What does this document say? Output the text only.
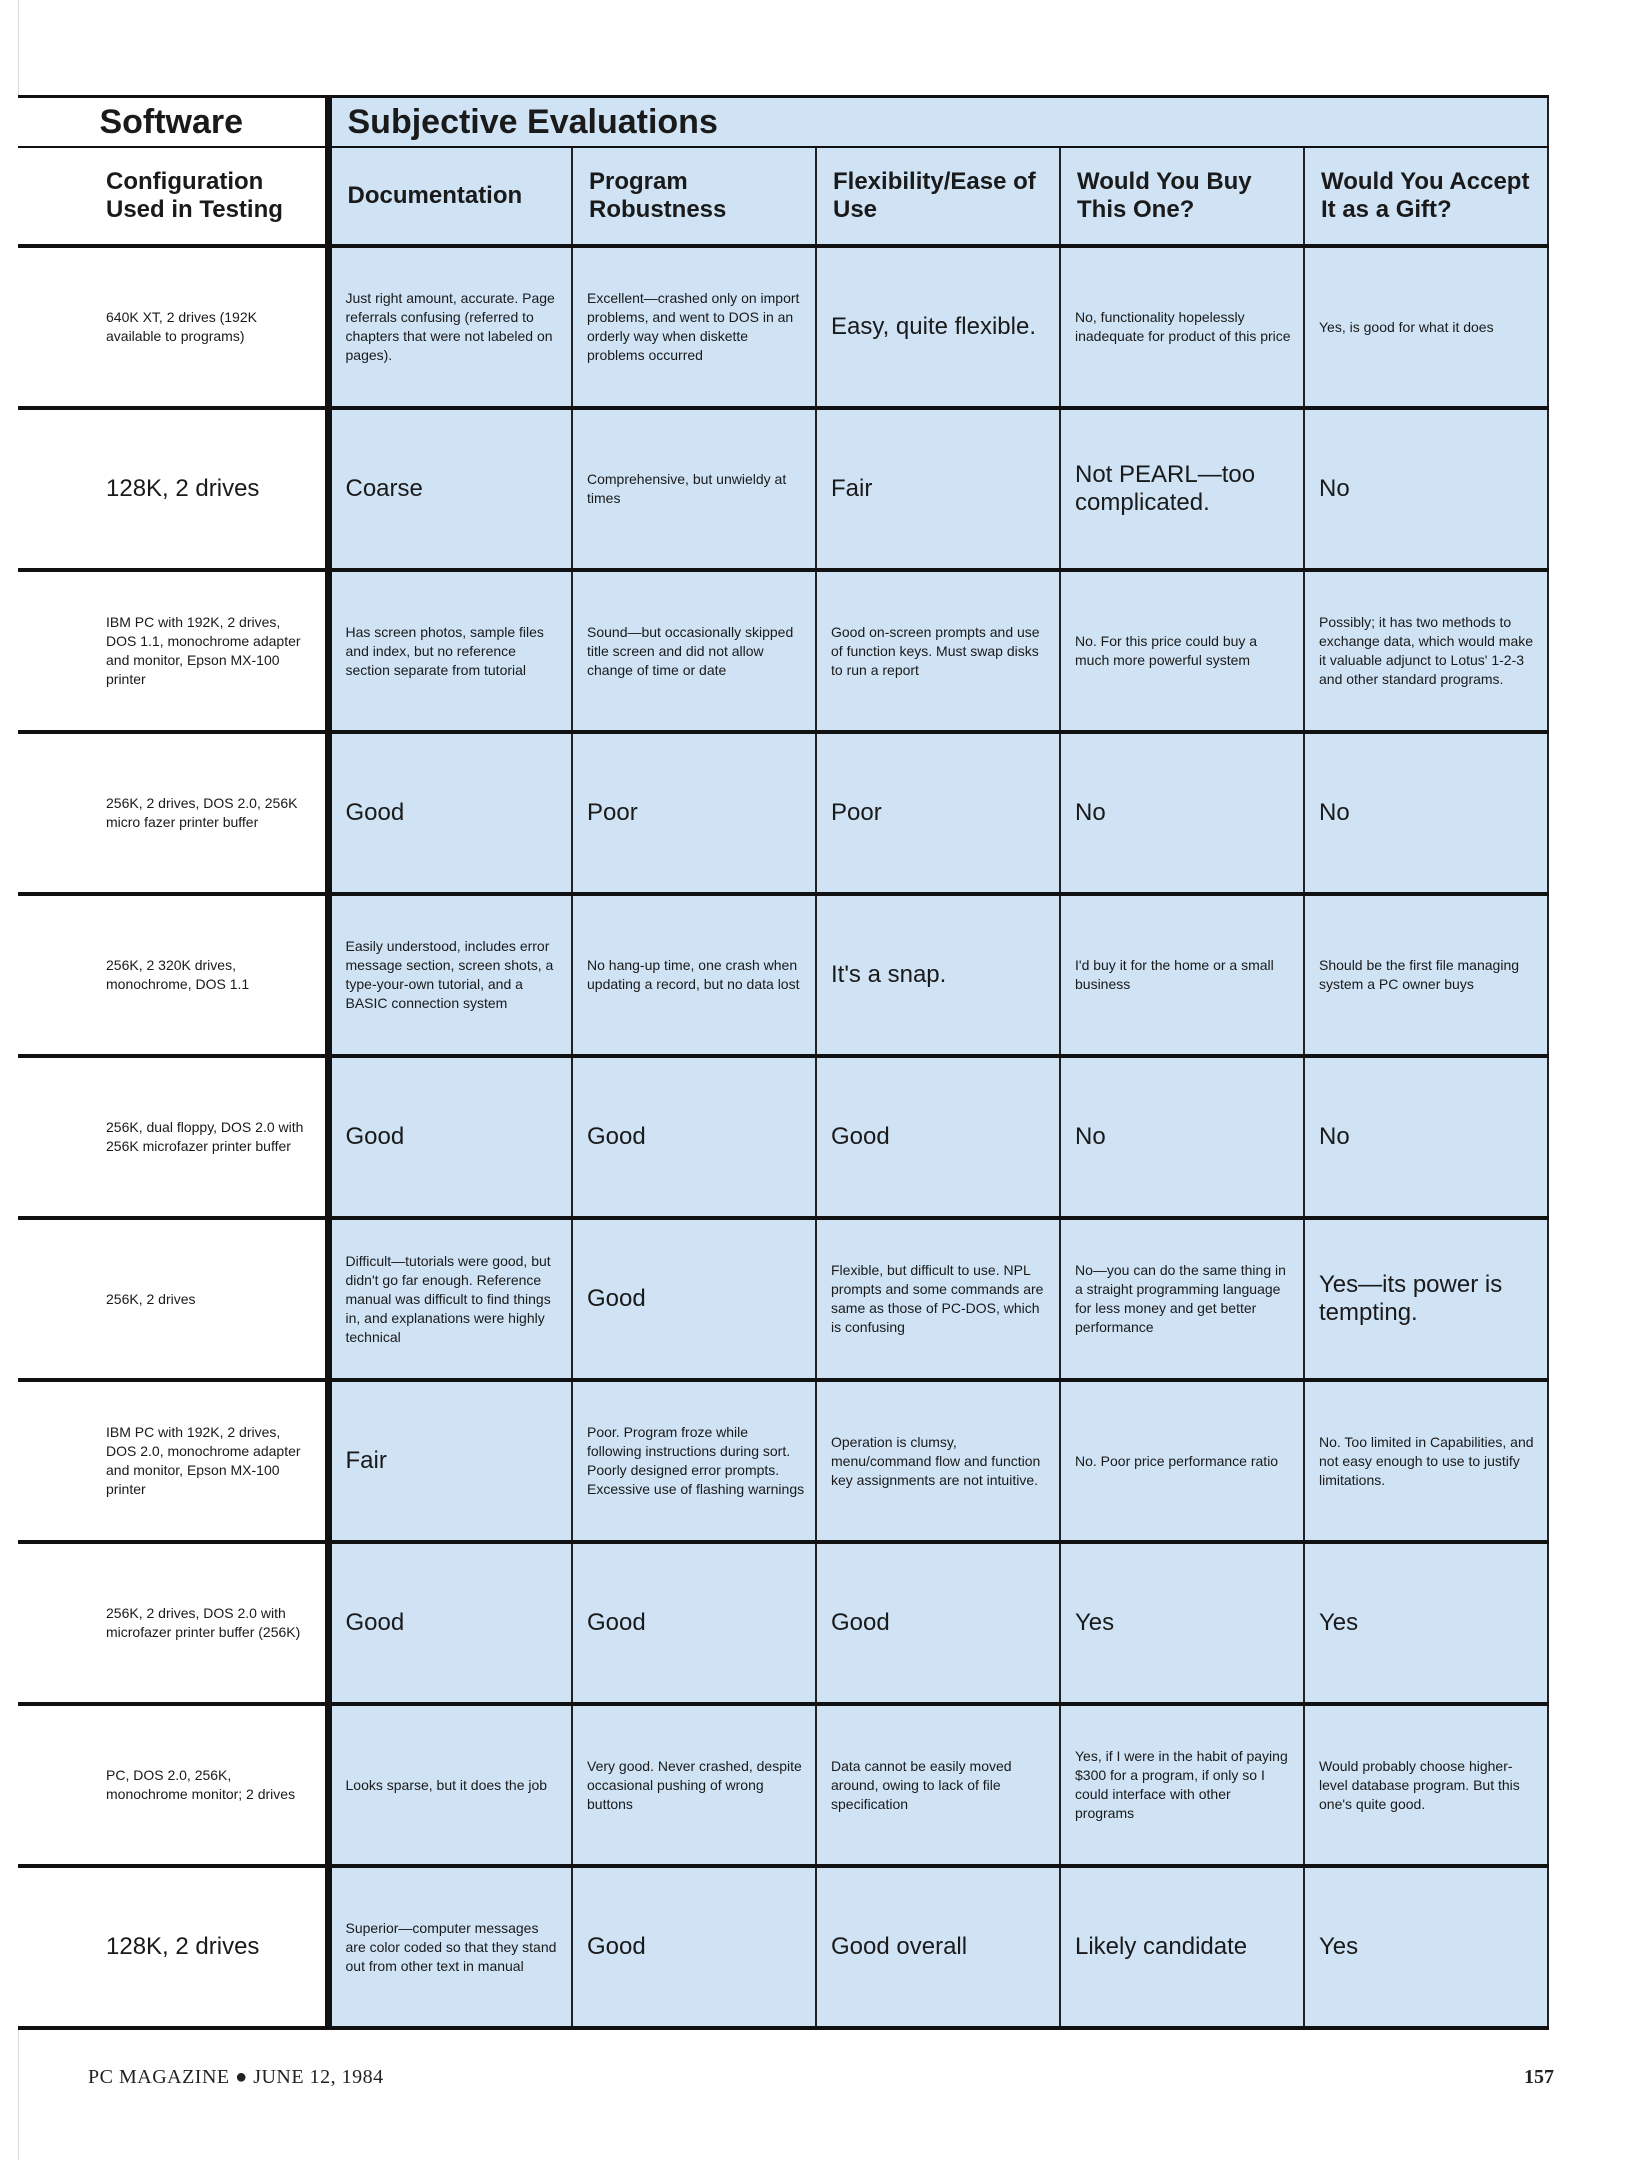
Software	Subjective Evaluations				
Configuration Used in Testing	Documentation	Program Robustness	Flexibility/Ease of Use	Would You Buy This One?	Would You Accept It as a Gift?
640K XT, 2 drives (192K available to programs)	Just right amount, accurate. Page referrals confusing (referred to chapters that were not labeled on pages).	Excellent—crashed only on import problems, and went to DOS in an orderly way when diskette problems occurred	Easy, quite flexible.	No, functionality hopelessly inadequate for product of this price	Yes, is good for what it does
128K, 2 drives	Coarse	Comprehensive, but unwieldy at times	Fair	Not PEARL—too complicated.	No
IBM PC with 192K, 2 drives, DOS 1.1, monochrome adapter and monitor, Epson MX-100 printer	Has screen photos, sample files and index, but no reference section separate from tutorial	Sound—but occasionally skipped title screen and did not allow change of time or date	Good on-screen prompts and use of function keys. Must swap disks to run a report	No. For this price could buy a much more powerful system	Possibly; it has two methods to exchange data, which would make it valuable adjunct to Lotus' 1-2-3 and other standard programs.
256K, 2 drives, DOS 2.0, 256K micro fazer printer buffer	Good	Poor	Poor	No	No
256K, 2 320K drives, monochrome, DOS 1.1	Easily understood, includes error message section, screen shots, a type-your-own tutorial, and a BASIC connection system	No hang-up time, one crash when updating a record, but no data lost	It's a snap.	I'd buy it for the home or a small business	Should be the first file managing system a PC owner buys
256K, dual floppy, DOS 2.0 with 256K microfazer printer buffer	Good	Good	Good	No	No
256K, 2 drives	Difficult—tutorials were good, but didn't go far enough. Reference manual was difficult to find things in, and explanations were highly technical	Good	Flexible, but difficult to use. NPL prompts and some commands are same as those of PC-DOS, which is confusing	No—you can do the same thing in a straight programming language for less money and get better performance	Yes—its power is tempting.
IBM PC with 192K, 2 drives, DOS 2.0, monochrome adapter and monitor, Epson MX-100 printer	Fair	Poor. Program froze while following instructions during sort. Poorly designed error prompts. Excessive use of flashing warnings	Operation is clumsy, menu/command flow and function key assignments are not intuitive.	No. Poor price performance ratio	No. Too limited in Capabilities, and not easy enough to use to justify limitations.
256K, 2 drives, DOS 2.0 with microfazer printer buffer (256K)	Good	Good	Good	Yes	Yes
PC, DOS 2.0, 256K, monochrome monitor; 2 drives	Looks sparse, but it does the job	Very good. Never crashed, despite occasional pushing of wrong buttons	Data cannot be easily moved around, owing to lack of file specification	Yes, if I were in the habit of paying $300 for a program, if only so I could interface with other programs	Would probably choose higher-level database program. But this one's quite good.
128K, 2 drives	Superior—computer messages are color coded so that they stand out from other text in manual	Good	Good overall	Likely candidate	Yes
PC MAGAZINE ● JUNE 12, 1984	157
